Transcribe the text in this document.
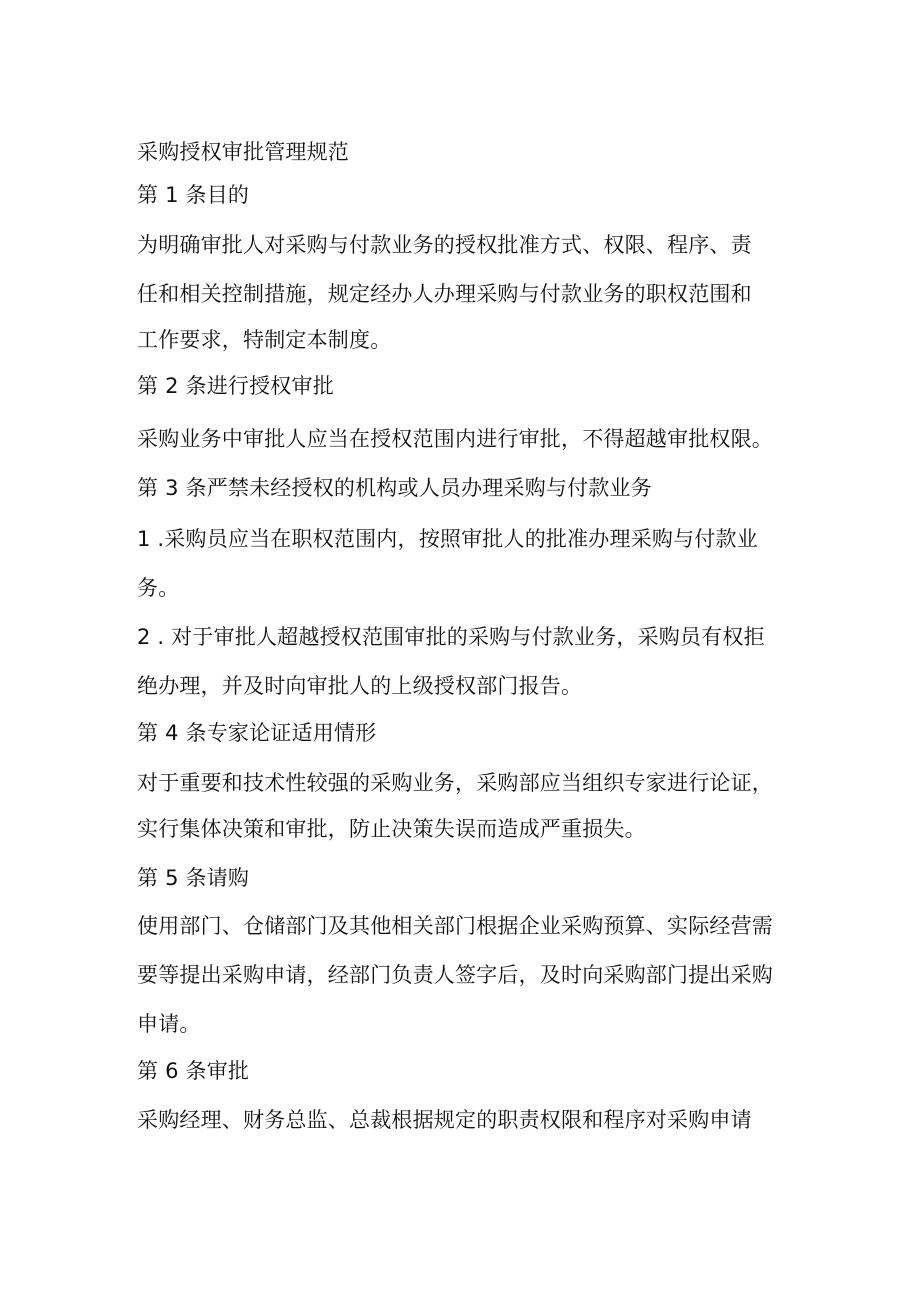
采购授权审批管理规范

第 1 条目的

为明确审批人对采购与付款业务的授权批准方式、权限、程序、责

任和相关控制措施，规定经办人办理采购与付款业务的职权范围和

工作要求，特制定本制度。

第 2 条进行授权审批

采购业务中审批人应当在授权范围内进行审批，不得超越审批权限。

第 3 条严禁未经授权的机构或人员办理采购与付款业务

1 .采购员应当在职权范围内，按照审批人的批准办理采购与付款业

务。

2 . 对于审批人超越授权范围审批的采购与付款业务，采购员有权拒

绝办理，并及时向审批人的上级授权部门报告。

第 4 条专家论证适用情形

对于重要和技术性较强的采购业务，采购部应当组织专家进行论证，

实行集体决策和审批，防止决策失误而造成严重损失。

第 5 条请购

使用部门、仓储部门及其他相关部门根据企业采购预算、实际经营需

要等提出采购申请，经部门负责人签字后，及时向采购部门提出采购

申请。

第 6 条审批

采购经理、财务总监、总裁根据规定的职责权限和程序对采购申请
